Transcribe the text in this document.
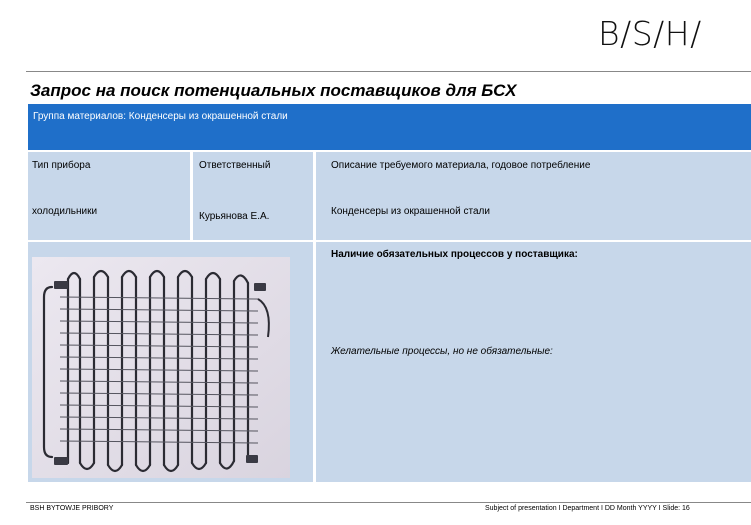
B/S/H/
Запрос на поиск потенциальных поставщиков для БСХ
Группа материалов: Конденсеры из окрашенной стали
Тип прибора
холодильники
Ответственный
Курьянова Е.А.
Описание требуемого материала, годовое потребление
Конденсеры из окрашенной стали
Наличие обязательных процессов у поставщика:
Желательные процессы, но не обязательные:
BSH BYTOWJE PRIBORY	Subject of presentation I Department I DD Month YYYY I Slide: 16
